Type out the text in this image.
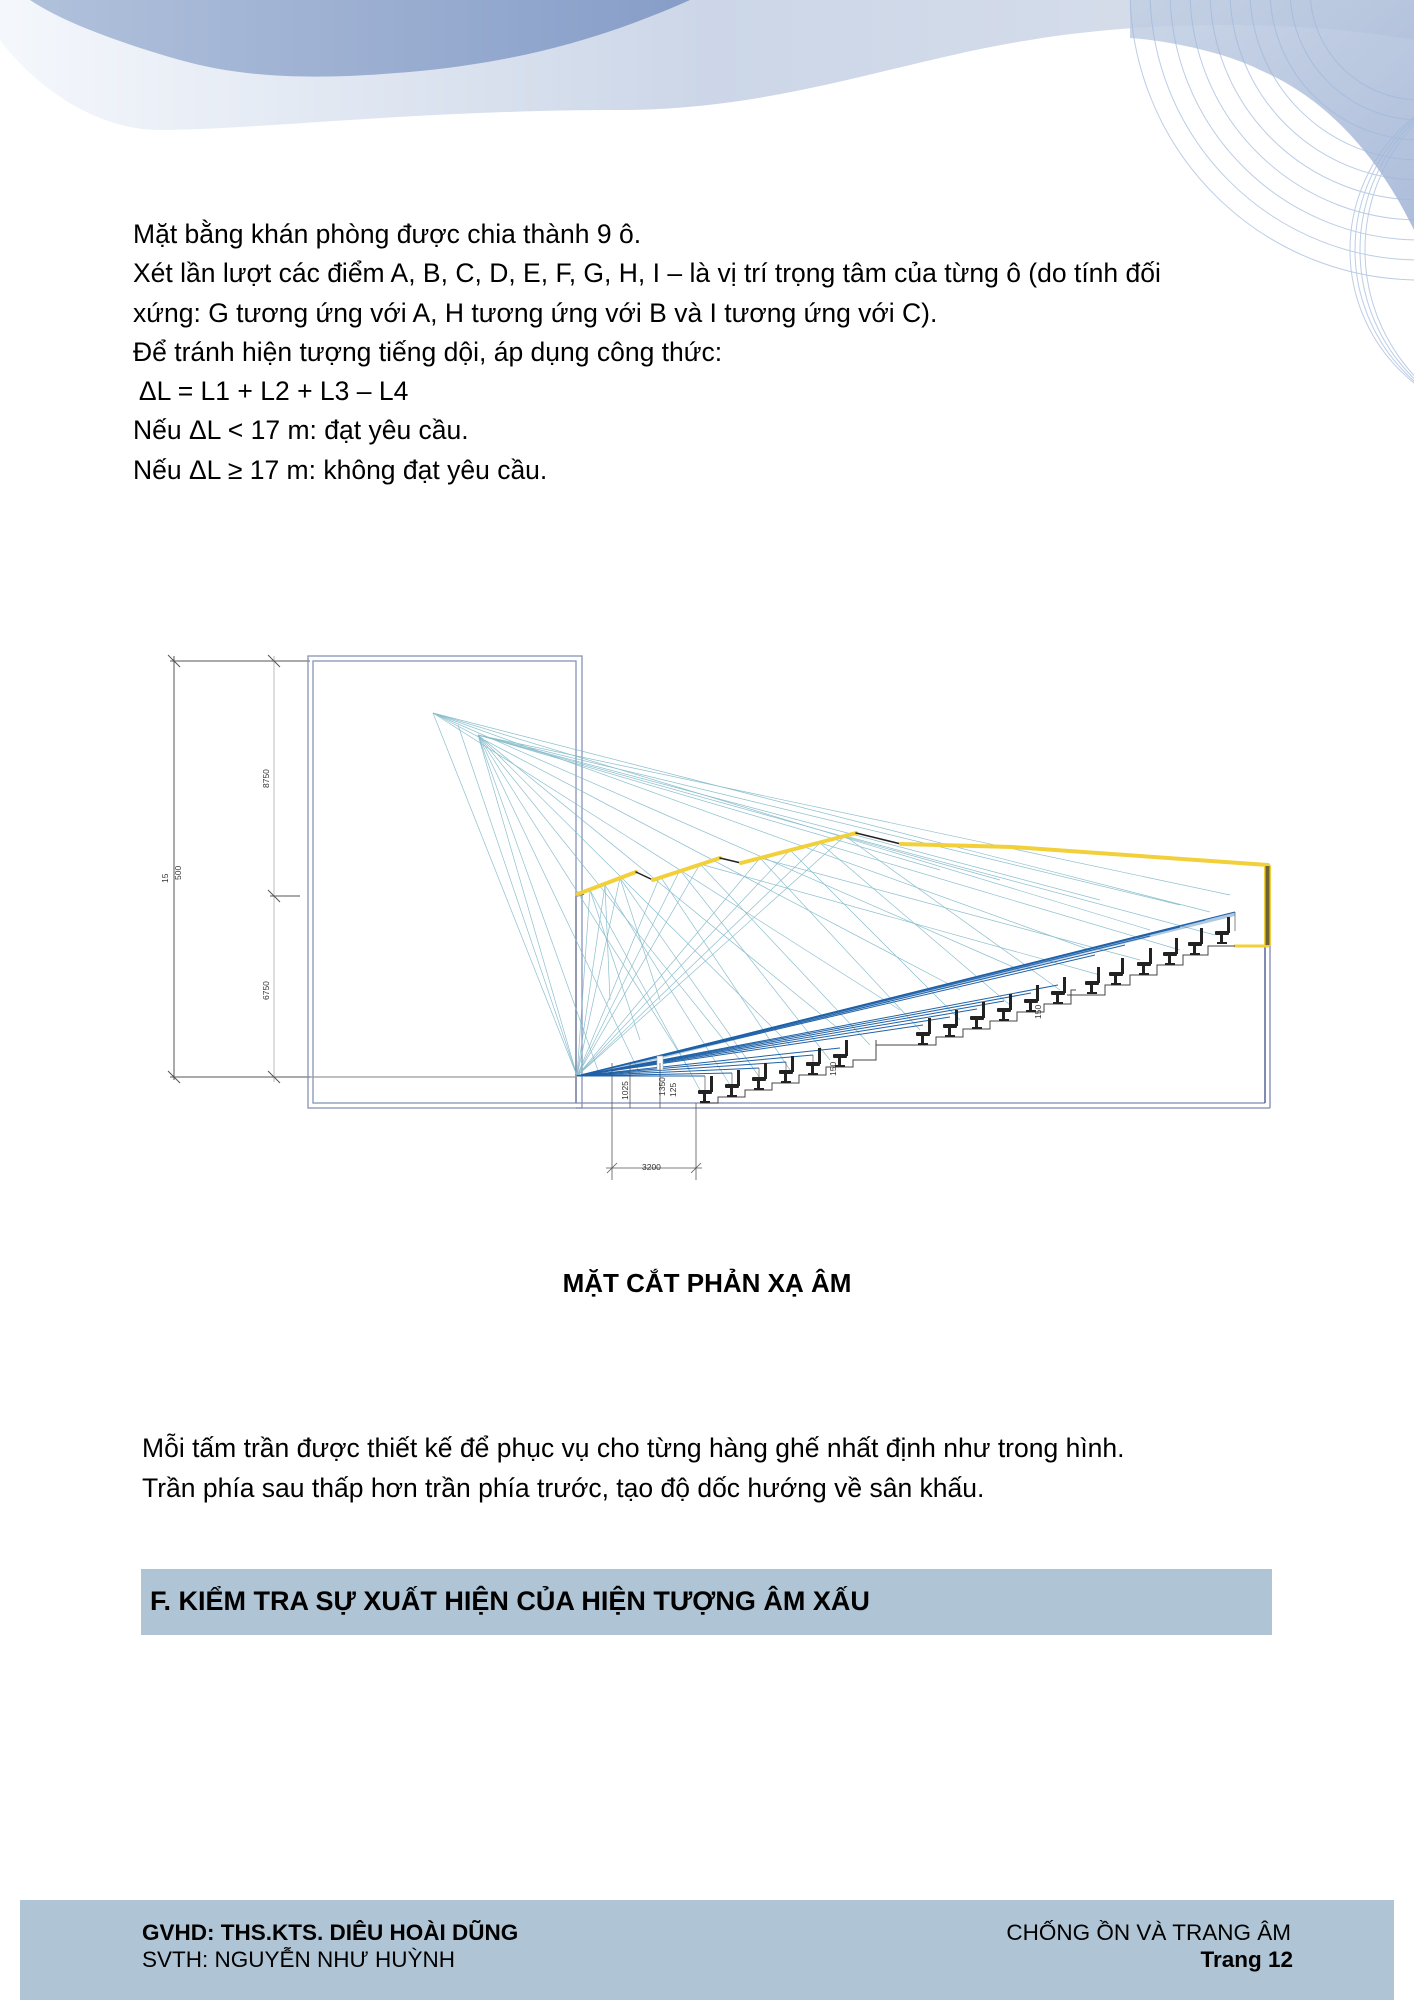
Mặt bằng khán phòng được chia thành 9 ô.
Xét lần lượt các điểm A, B, C, D, E, F, G, H, I – là vị trí trọng tâm của từng ô (do tính đối
xứng: G tương ứng với A, H tương ứng với B và I tương ứng với C).
Để tránh hiện tượng tiếng dội, áp dụng công thức:
ΔL = L1 + L2 + L3 – L4
Nếu ΔL < 17 m: đạt yêu cầu.
Nếu ΔL ≥ 17 m: không đạt yêu cầu.
15 500
8750
6750
3200
1025	1350 125
150
150
MẶT CẮT PHẢN XẠ ÂM
Mỗi tấm trần được thiết kế để phục vụ cho từng hàng ghế nhất định như trong hình.
Trần phía sau thấp hơn trần phía trước, tạo độ dốc hướng về sân khấu.
F. KIỂM TRA SỰ XUẤT HIỆN CỦA HIỆN TƯỢNG ÂM XẤU
GVHD: THS.KTS. DIÊU HOÀI DŨNG
SVTH: NGUYỄN NHƯ HUỲNH
CHỐNG ỒN VÀ TRANG ÂM
Trang 12
